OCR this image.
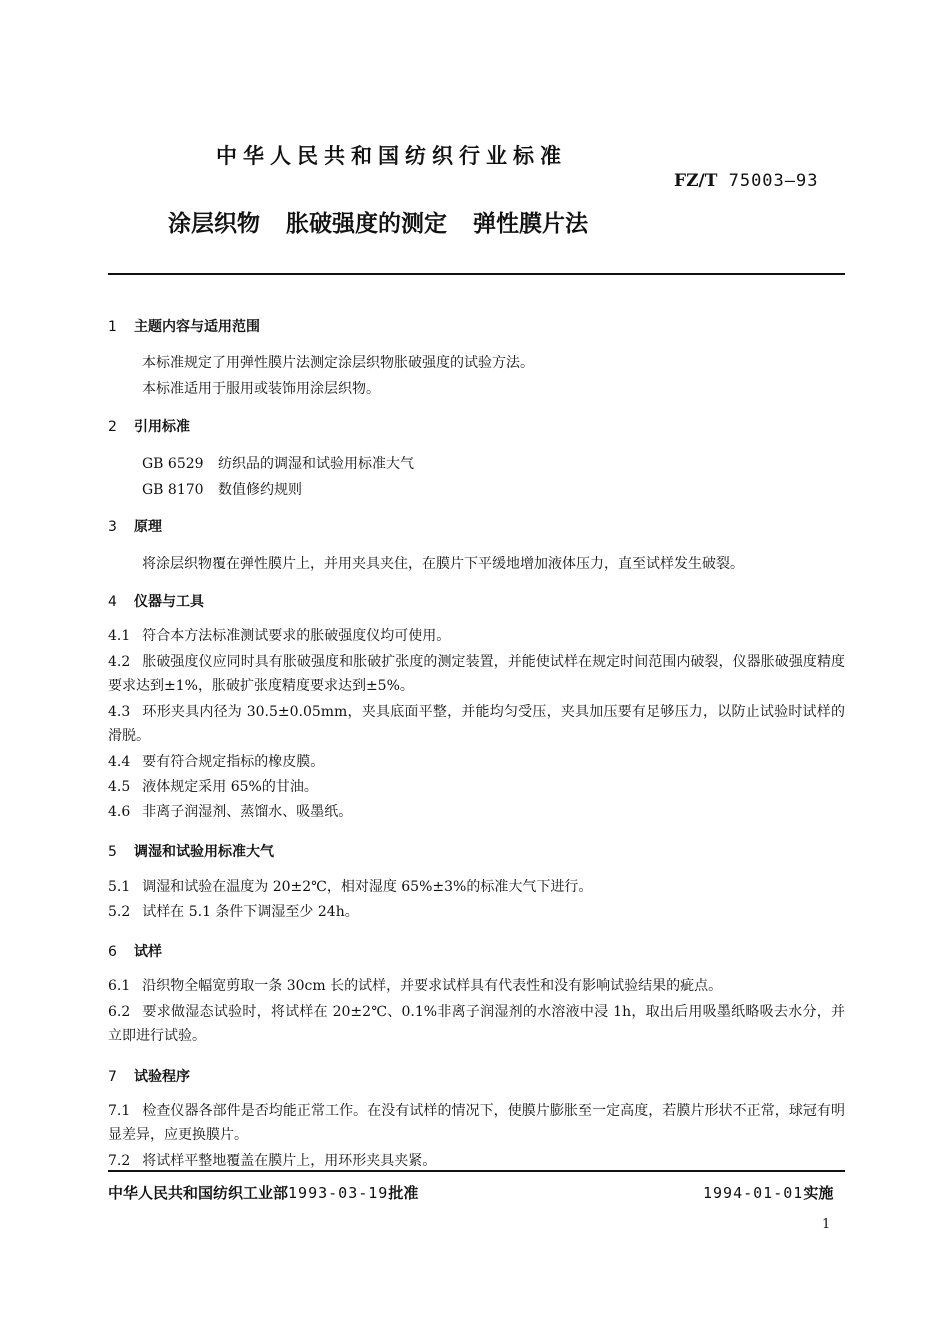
中华人民共和国纺织行业标准
FZ/T 75003—93
涂层织物 胀破强度的测定 弹性膜片法
1 主题内容与适用范围
本标准规定了用弹性膜片法测定涂层织物胀破强度的试验方法。
本标准适用于服用或装饰用涂层织物。
2 引用标准
GB 6529 纺织品的调湿和试验用标准大气
GB 8170 数值修约规则
3 原理
将涂层织物覆在弹性膜片上，并用夹具夹住，在膜片下平缓地增加液体压力，直至试样发生破裂。
4 仪器与工具
4.1 符合本方法标准测试要求的胀破强度仪均可使用。
4.2 胀破强度仪应同时具有胀破强度和胀破扩张度的测定装置，并能使试样在规定时间范围内破裂，仪器胀破强度精度要求达到±1%，胀破扩张度精度要求达到±5%。
4.3 环形夹具内径为 30.5±0.05mm，夹具底面平整，并能均匀受压，夹具加压要有足够压力，以防止试验时试样的滑脱。
4.4 要有符合规定指标的橡皮膜。
4.5 液体规定采用 65%的甘油。
4.6 非离子润湿剂、蒸馏水、吸墨纸。
5 调湿和试验用标准大气
5.1 调湿和试验在温度为 20±2℃，相对湿度 65%±3%的标准大气下进行。
5.2 试样在 5.1 条件下调湿至少 24h。
6 试样
6.1 沿织物全幅宽剪取一条 30cm 长的试样，并要求试样具有代表性和没有影响试验结果的疵点。
6.2 要求做湿态试验时，将试样在 20±2℃、0.1%非离子润湿剂的水溶液中浸 1h，取出后用吸墨纸略吸去水分，并立即进行试验。
7 试验程序
7.1 检查仪器各部件是否均能正常工作。在没有试样的情况下，使膜片膨胀至一定高度，若膜片形状不正常，球冠有明显差异，应更换膜片。
7.2 将试样平整地覆盖在膜片上，用环形夹具夹紧。
中华人民共和国纺织工业部1993-03-19批准	1994-01-01实施
1
